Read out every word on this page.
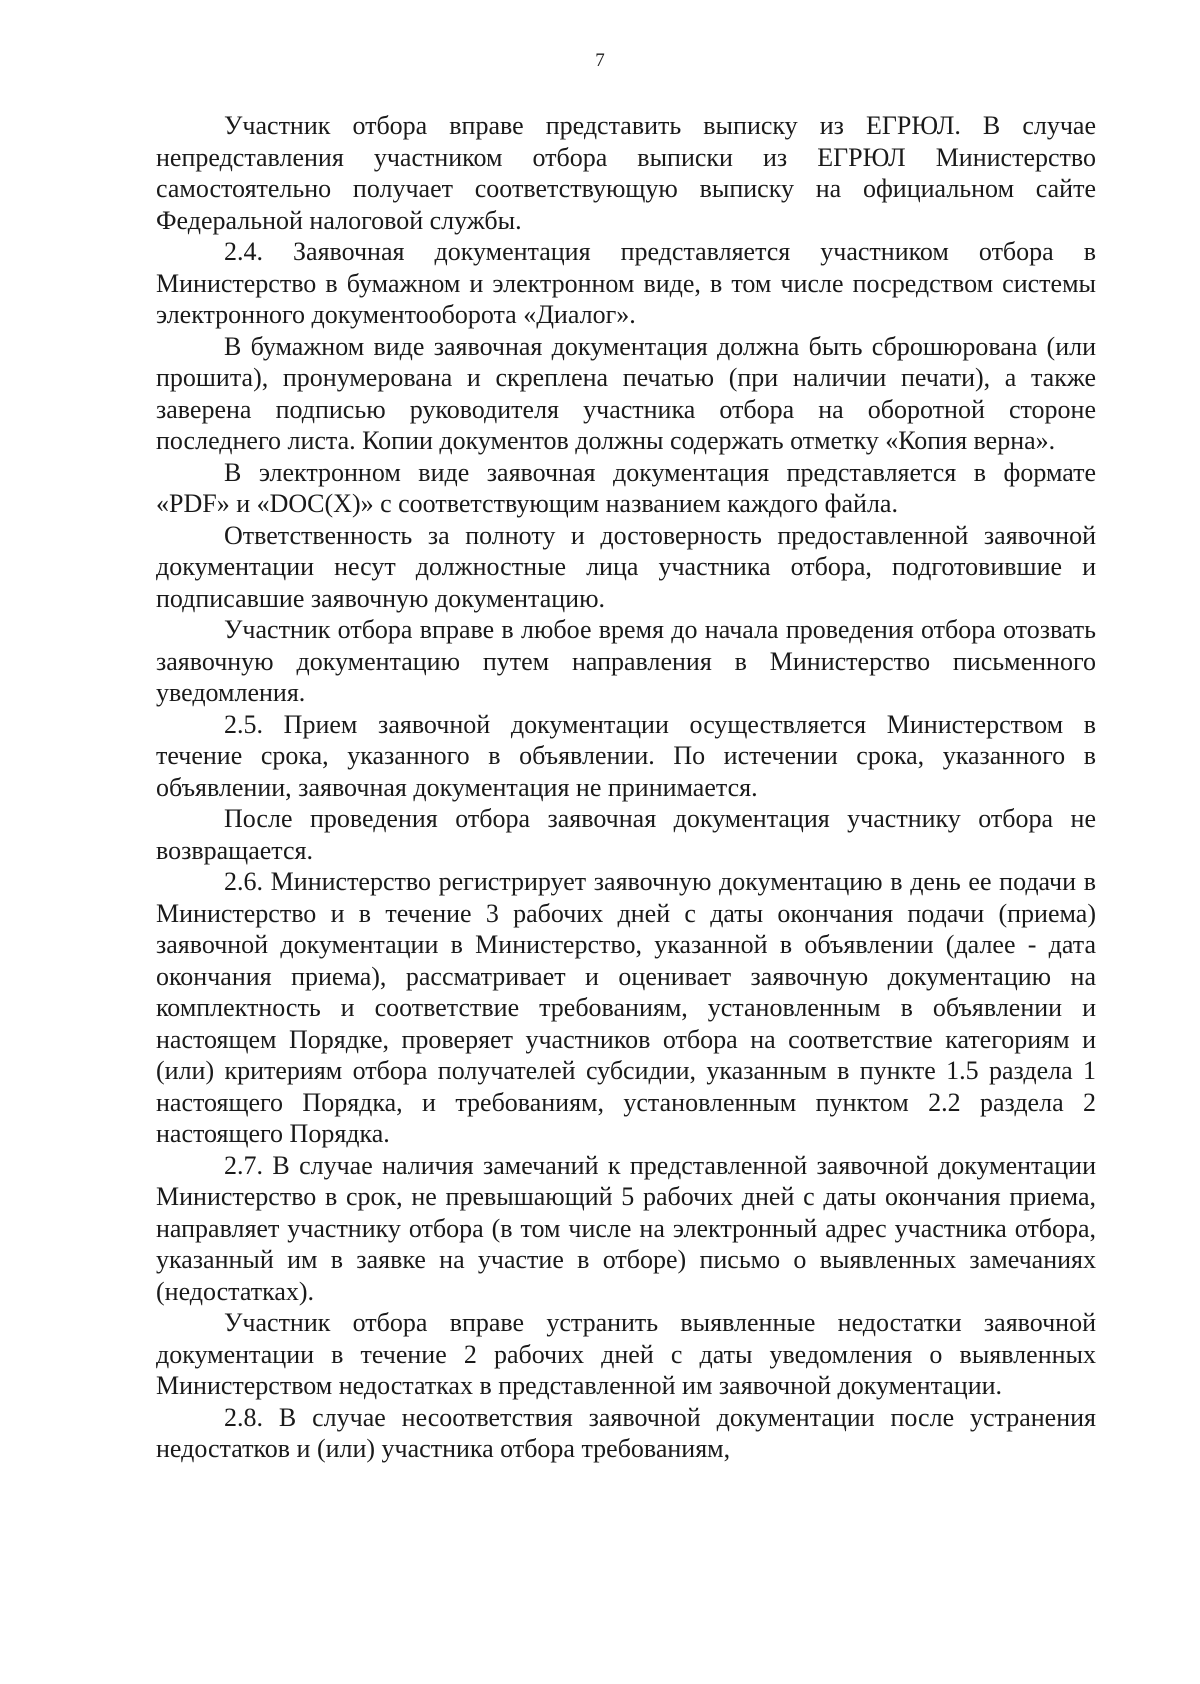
7

Участник отбора вправе представить выписку из ЕГРЮЛ. В случае непредставления участником отбора выписки из ЕГРЮЛ Министерство самостоятельно получает соответствующую выписку на официальном сайте Федеральной налоговой службы.

2.4. Заявочная документация представляется участником отбора в Министерство в бумажном и электронном виде, в том числе посредством системы электронного документооборота «Диалог».

В бумажном виде заявочная документация должна быть сброшюрована (или прошита), пронумерована и скреплена печатью (при наличии печати), а также заверена подписью руководителя участника отбора на оборотной стороне последнего листа. Копии документов должны содержать отметку «Копия верна».

В электронном виде заявочная документация представляется в формате «PDF» и «DOC(X)» с соответствующим названием каждого файла.

Ответственность за полноту и достоверность предоставленной заявочной документации несут должностные лица участника отбора, подготовившие и подписавшие заявочную документацию.

Участник отбора вправе в любое время до начала проведения отбора отозвать заявочную документацию путем направления в Министерство письменного уведомления.

2.5. Прием заявочной документации осуществляется Министерством в течение срока, указанного в объявлении. По истечении срока, указанного в объявлении, заявочная документация не принимается.

После проведения отбора заявочная документация участнику отбора не возвращается.

2.6. Министерство регистрирует заявочную документацию в день ее подачи в Министерство и в течение 3 рабочих дней с даты окончания подачи (приема) заявочной документации в Министерство, указанной в объявлении (далее - дата окончания приема), рассматривает и оценивает заявочную документацию на комплектность и соответствие требованиям, установленным в объявлении и настоящем Порядке, проверяет участников отбора на соответствие категориям и (или) критериям отбора получателей субсидии, указанным в пункте 1.5 раздела 1 настоящего Порядка, и требованиям, установленным пунктом 2.2 раздела 2 настоящего Порядка.

2.7. В случае наличия замечаний к представленной заявочной документации Министерство в срок, не превышающий 5 рабочих дней с даты окончания приема, направляет участнику отбора (в том числе на электронный адрес участника отбора, указанный им в заявке на участие в отборе) письмо о выявленных замечаниях (недостатках).

Участник отбора вправе устранить выявленные недостатки заявочной документации в течение 2 рабочих дней с даты уведомления о выявленных Министерством недостатках в представленной им заявочной документации.

2.8. В случае несоответствия заявочной документации после устранения недостатков и (или) участника отбора требованиям,
